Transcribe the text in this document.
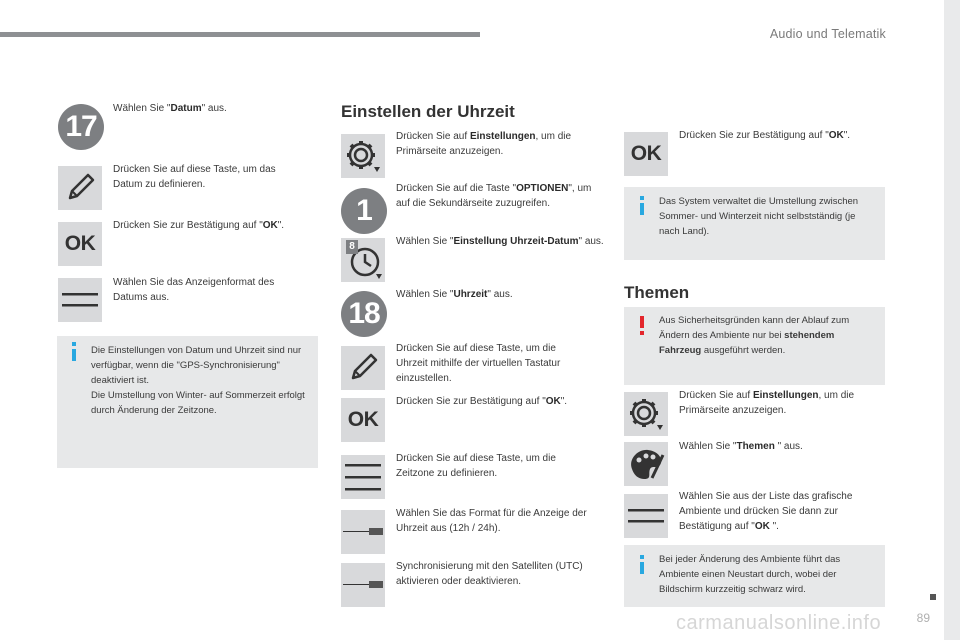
Audio und Telematik
carmanualsonline.info	89
17
Wählen Sie "Datum" aus.
Drücken Sie auf diese Taste, um das Datum zu definieren.
OK
Drücken Sie zur Bestätigung auf "OK".
Wählen Sie das Anzeigenformat des Datums aus.
Die Einstellungen von Datum und Uhrzeit sind nur verfügbar, wenn die "GPS-Synchronisierung" deaktiviert ist.
Die Umstellung von Winter- auf Sommerzeit erfolgt durch Änderung der Zeitzone.
Einstellen der Uhrzeit
Drücken Sie auf Einstellungen, um die Primärseite anzuzeigen.
1
Drücken Sie auf die Taste "OPTIONEN", um auf die Sekundärseite zuzugreifen.
8	Wählen Sie "Einstellung Uhrzeit-Datum" aus.
18
Wählen Sie "Uhrzeit" aus.
Drücken Sie auf diese Taste, um die Uhrzeit mithilfe der virtuellen Tastatur einzustellen.
OK
Drücken Sie zur Bestätigung auf "OK".
Drücken Sie auf diese Taste, um die Zeitzone zu definieren.
Wählen Sie das Format für die Anzeige der Uhrzeit aus (12h / 24h).
Synchronisierung mit den Satelliten (UTC) aktivieren oder deaktivieren.
OK
Drücken Sie zur Bestätigung auf "OK".
Das System verwaltet die Umstellung zwischen Sommer- und Winterzeit nicht selbstständig (je nach Land).
Themen
Aus Sicherheitsgründen kann der Ablauf zum Ändern des Ambiente nur bei stehendem Fahrzeug ausgeführt werden.
Drücken Sie auf Einstellungen, um die Primärseite anzuzeigen.
Wählen Sie "Themen " aus.
Wählen Sie aus der Liste das grafische Ambiente und drücken Sie dann zur Bestätigung auf "OK ".
Bei jeder Änderung des Ambiente führt das Ambiente einen Neustart durch, wobei der Bildschirm kurzzeitig schwarz wird.
